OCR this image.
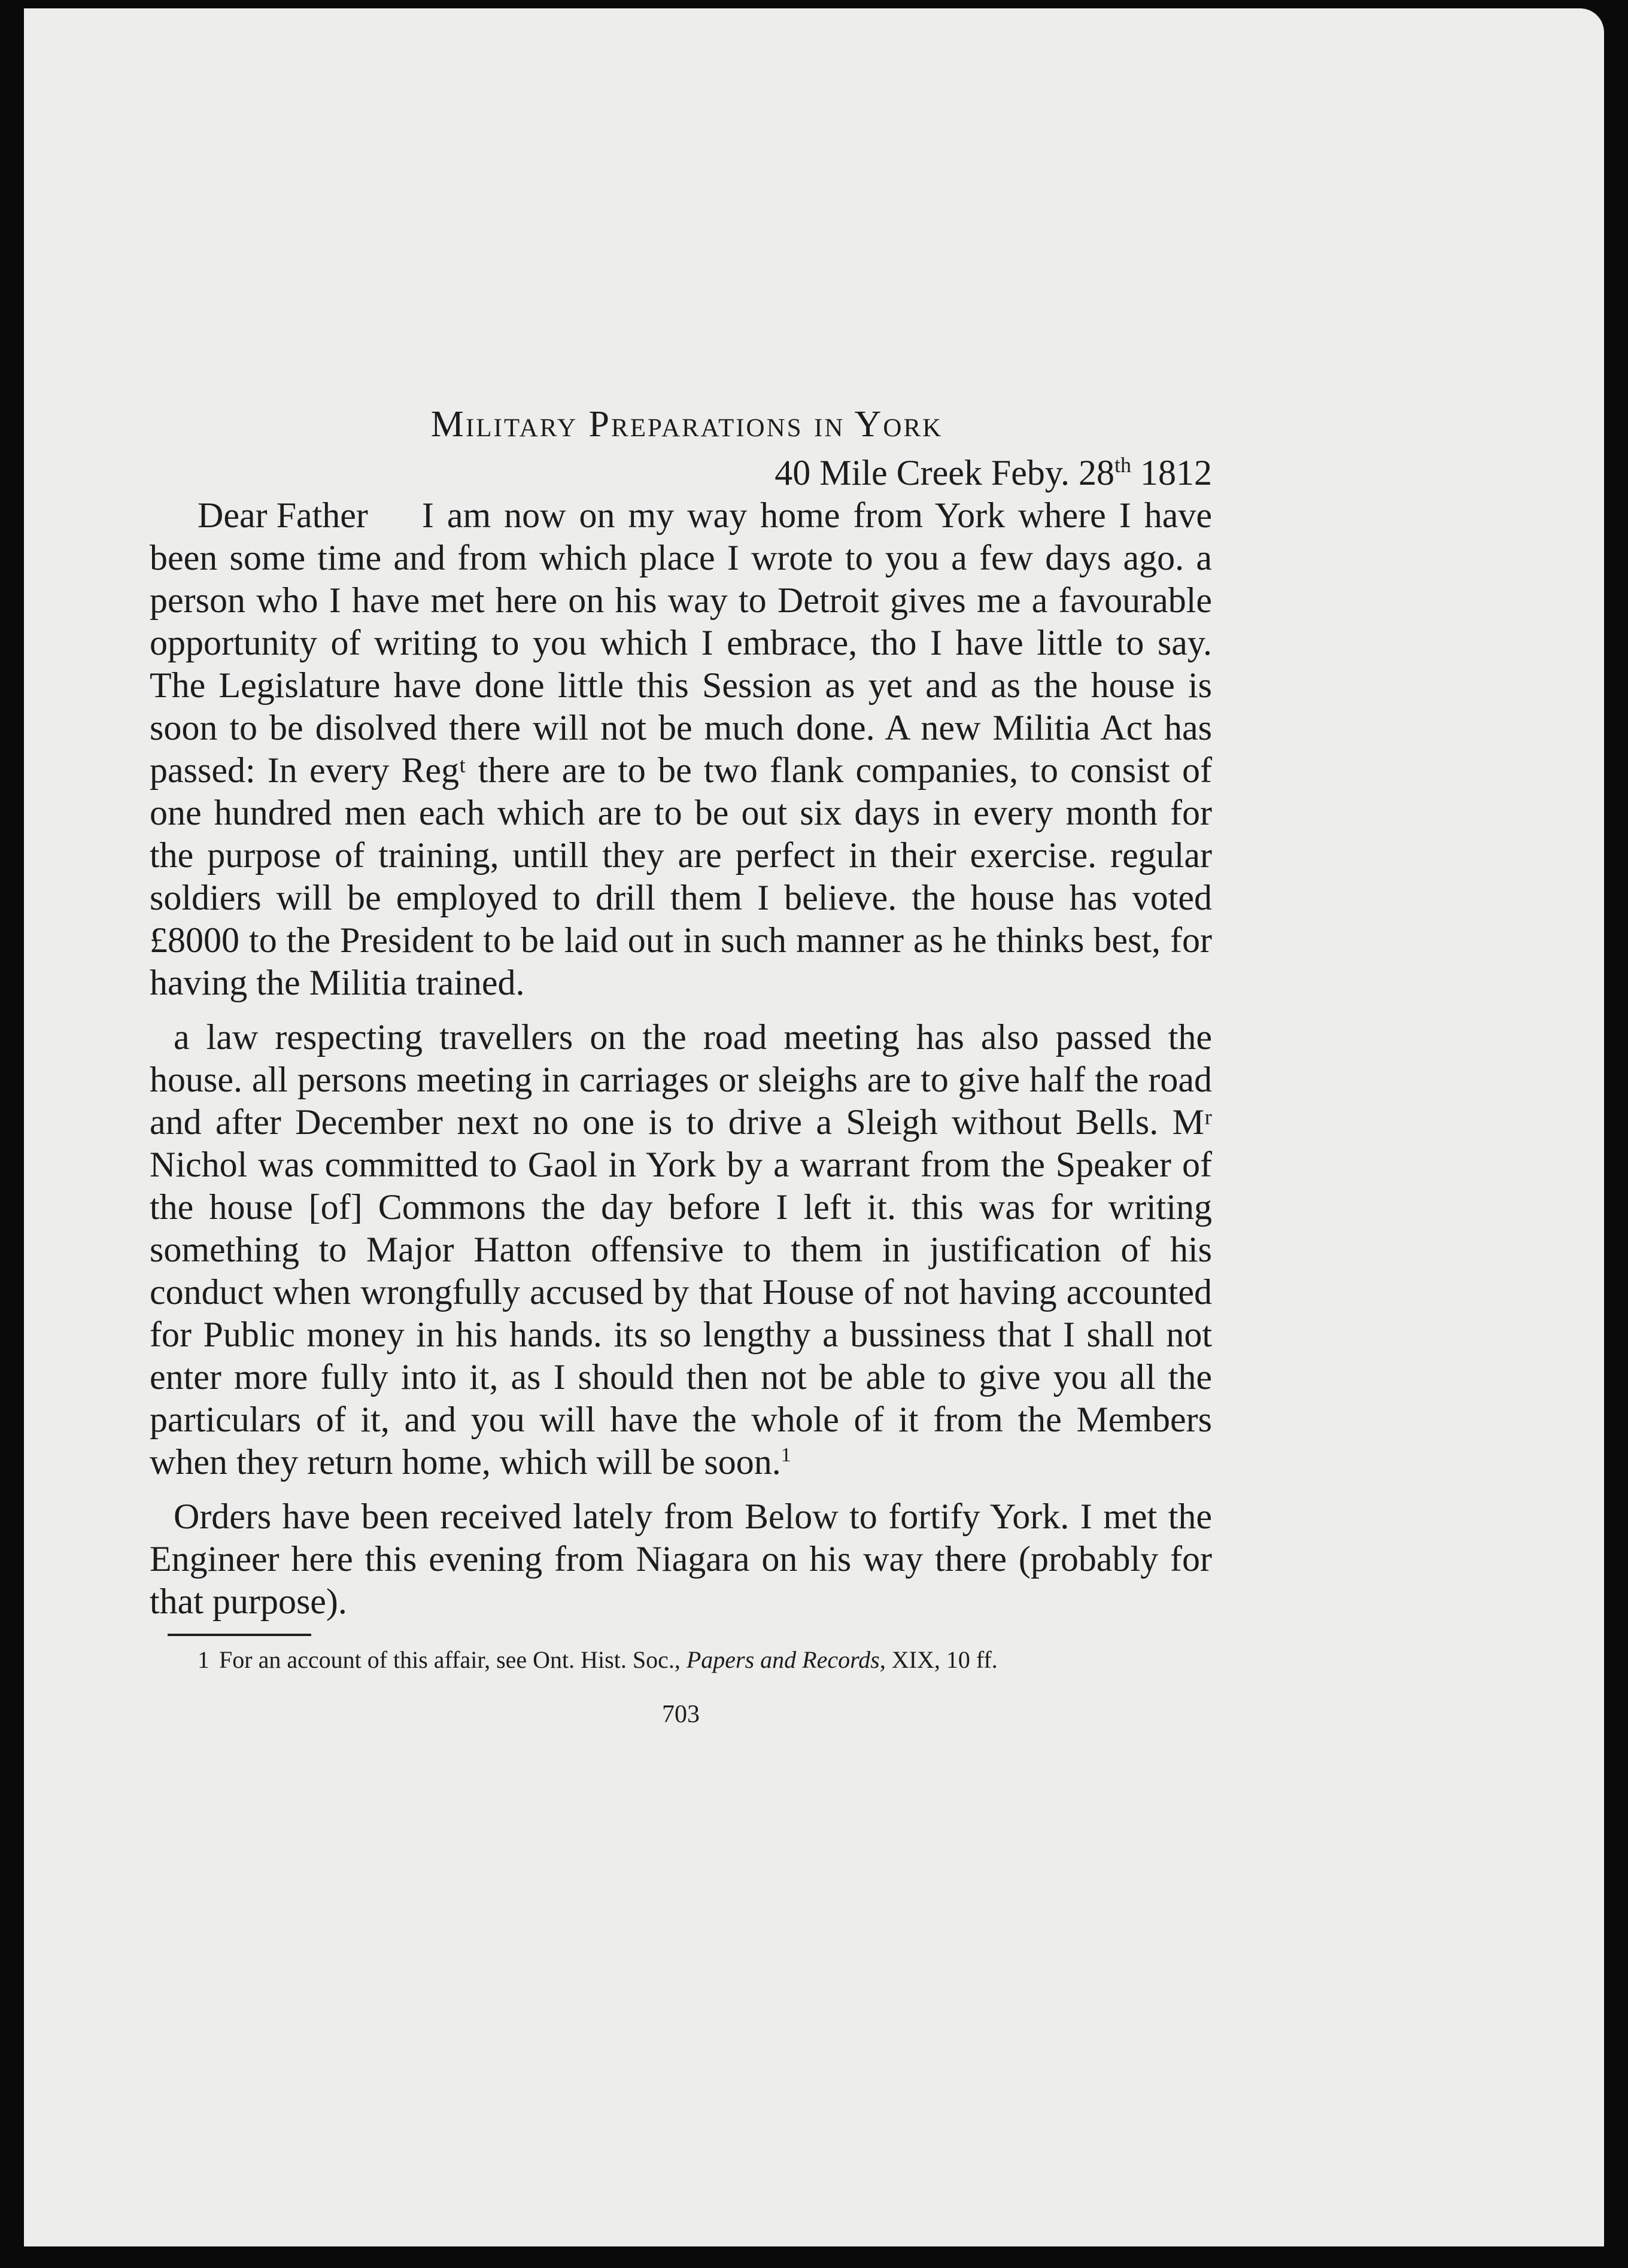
Military Preparations in York
40 Mile Creek Feby. 28th 1812

Dear Father I am now on my way home from York where I have been some time and from which place I wrote to you a few days ago. a person who I have met here on his way to Detroit gives me a favourable opportunity of writing to you which I embrace, tho I have little to say. The Legislature have done little this Session as yet and as the house is soon to be disolved there will not be much done. A new Militia Act has passed: In every Regᵗ there are to be two flank companies, to consist of one hundred men each which are to be out six days in every month for the purpose of training, untill they are perfect in their exercise. regular soldiers will be employed to drill them I believe. the house has voted £8000 to the President to be laid out in such manner as he thinks best, for having the Militia trained.

a law respecting travellers on the road meeting has also passed the house. all persons meeting in carriages or sleighs are to give half the road and after December next no one is to drive a Sleigh without Bells. Mʳ Nichol was committed to Gaol in York by a warrant from the Speaker of the house [of] Commons the day before I left it. this was for writing something to Major Hatton offensive to them in justification of his conduct when wrongfully accused by that House of not having accounted for Public money in his hands. its so lengthy a bussiness that I shall not enter more fully into it, as I should then not be able to give you all the particulars of it, and you will have the whole of it from the Members when they return home, which will be soon.$^1$

Orders have been received lately from Below to fortify York. I met the Engineer here this evening from Niagara on his way there (probably for that purpose).

1 For an account of this affair, see Ont. Hist. Soc., Papers and Records, XIX, 10 ff.
703
